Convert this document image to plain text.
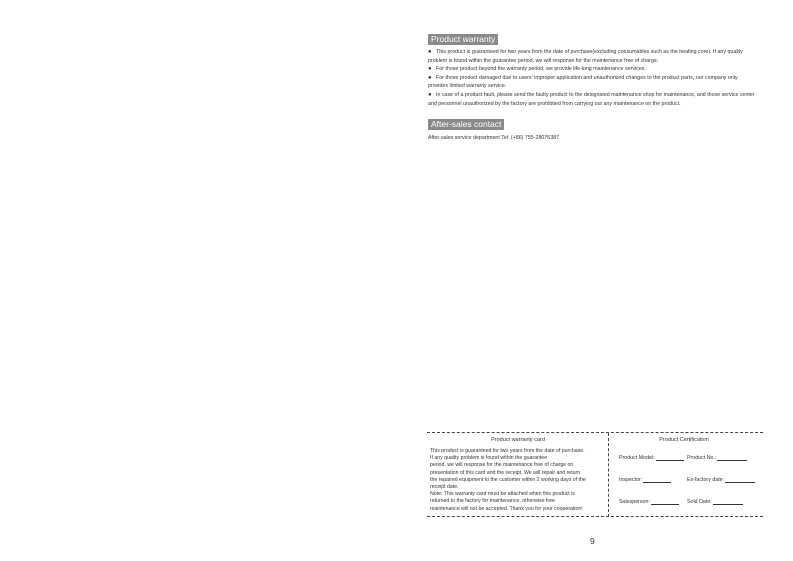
Product warranty

● This product is guaranteed for two years from the date of purchase(excluding consumables such as the heating core). If any quality problem is found within the guarantee period, we will response for the maintenance free of charge.

● For those product beyond the warranty period, we provide life-long maintenance services.

● For those product damaged due to users' improper application and unauthorized changes to the product parts, our company only providex limited warranty service.

● In case of a product fault, please send the faulty product to the designated maintenance shop for maintenance, and those service center and personnel unauthorized by the factory are prohibited from carrying out any maintenance on the product.

After-sales contact
After-sales service department Tel: (+86) 755-28076387
Product warranty card
This product is guaranteed for two years from the date of purchase.
If any quality problem is found within the guarantee
period, we will response for the maintenance free of charge on
presentation of this card and the receipt. We will repair and return
the repaired equipment to the customer within 2 working days of the
receipt date.
Note: This warranty card must be attached when this product is
returned to the factory for maintenance, otherwise free
maintenance will not be accepted. Thank you for your cooperation!
Product Certification
Product Model:	Product No.:
Inspector:	Ex-factory date:
Salesperson:	Sold Date:
9
